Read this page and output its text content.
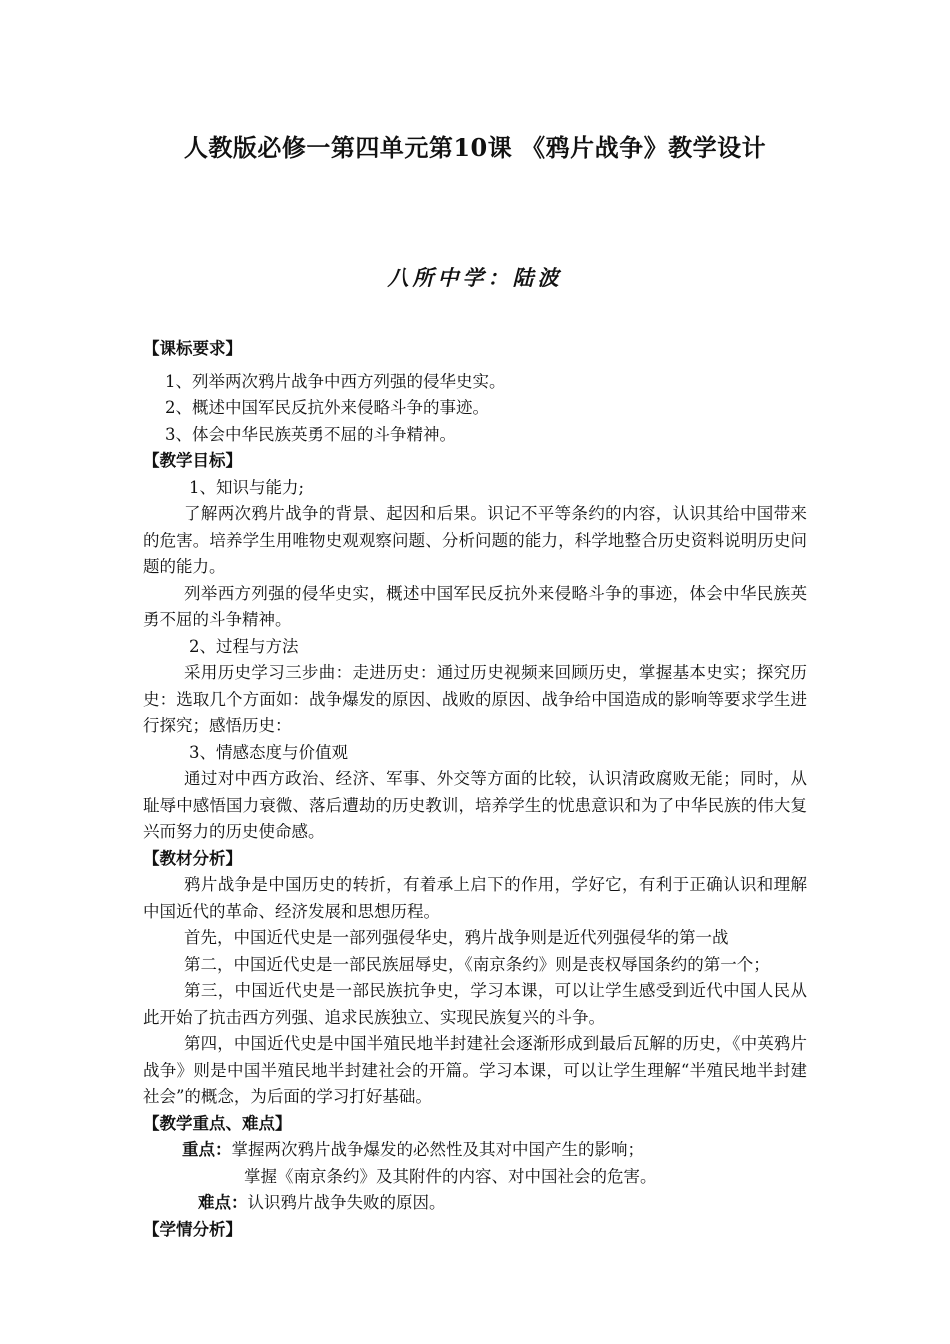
人教版必修一第四单元第10课 《鸦片战争》教学设计
八所中学：陆波
【课标要求】
1、列举两次鸦片战争中西方列强的侵华史实。
2、概述中国军民反抗外来侵略斗争的事迹。
3、体会中华民族英勇不屈的斗争精神。
【教学目标】
1、知识与能力;
了解两次鸦片战争的背景、起因和后果。识记不平等条约的内容，认识其给中国带来的危害。培养学生用唯物史观观察问题、分析问题的能力，科学地整合历史资料说明历史问题的能力。
列举西方列强的侵华史实，概述中国军民反抗外来侵略斗争的事迹，体会中华民族英勇不屈的斗争精神。
2、过程与方法
采用历史学习三步曲：走进历史：通过历史视频来回顾历史，掌握基本史实；探究历史：选取几个方面如：战争爆发的原因、战败的原因、战争给中国造成的影响等要求学生进行探究；感悟历史：
3、情感态度与价值观
通过对中西方政治、经济、军事、外交等方面的比较，认识清政腐败无能；同时，从耻辱中感悟国力衰微、落后遭劫的历史教训，培养学生的忧患意识和为了中华民族的伟大复兴而努力的历史使命感。
【教材分析】
鸦片战争是中国历史的转折，有着承上启下的作用，学好它，有利于正确认识和理解中国近代的革命、经济发展和思想历程。
首先，中国近代史是一部列强侵华史，鸦片战争则是近代列强侵华的第一战
第二，中国近代史是一部民族屈辱史，《南京条约》则是丧权辱国条约的第一个；
第三，中国近代史是一部民族抗争史，学习本课，可以让学生感受到近代中国人民从此开始了抗击西方列强、追求民族独立、实现民族复兴的斗争。
第四，中国近代史是中国半殖民地半封建社会逐渐形成到最后瓦解的历史，《中英鸦片战争》则是中国半殖民地半封建社会的开篇。学习本课，可以让学生理解“半殖民地半封建社会”的概念，为后面的学习打好基础。
【教学重点、难点】
重点：掌握两次鸦片战争爆发的必然性及其对中国产生的影响；
掌握《南京条约》及其附件的内容、对中国社会的危害。
难点：认识鸦片战争失败的原因。
【学情分析】
